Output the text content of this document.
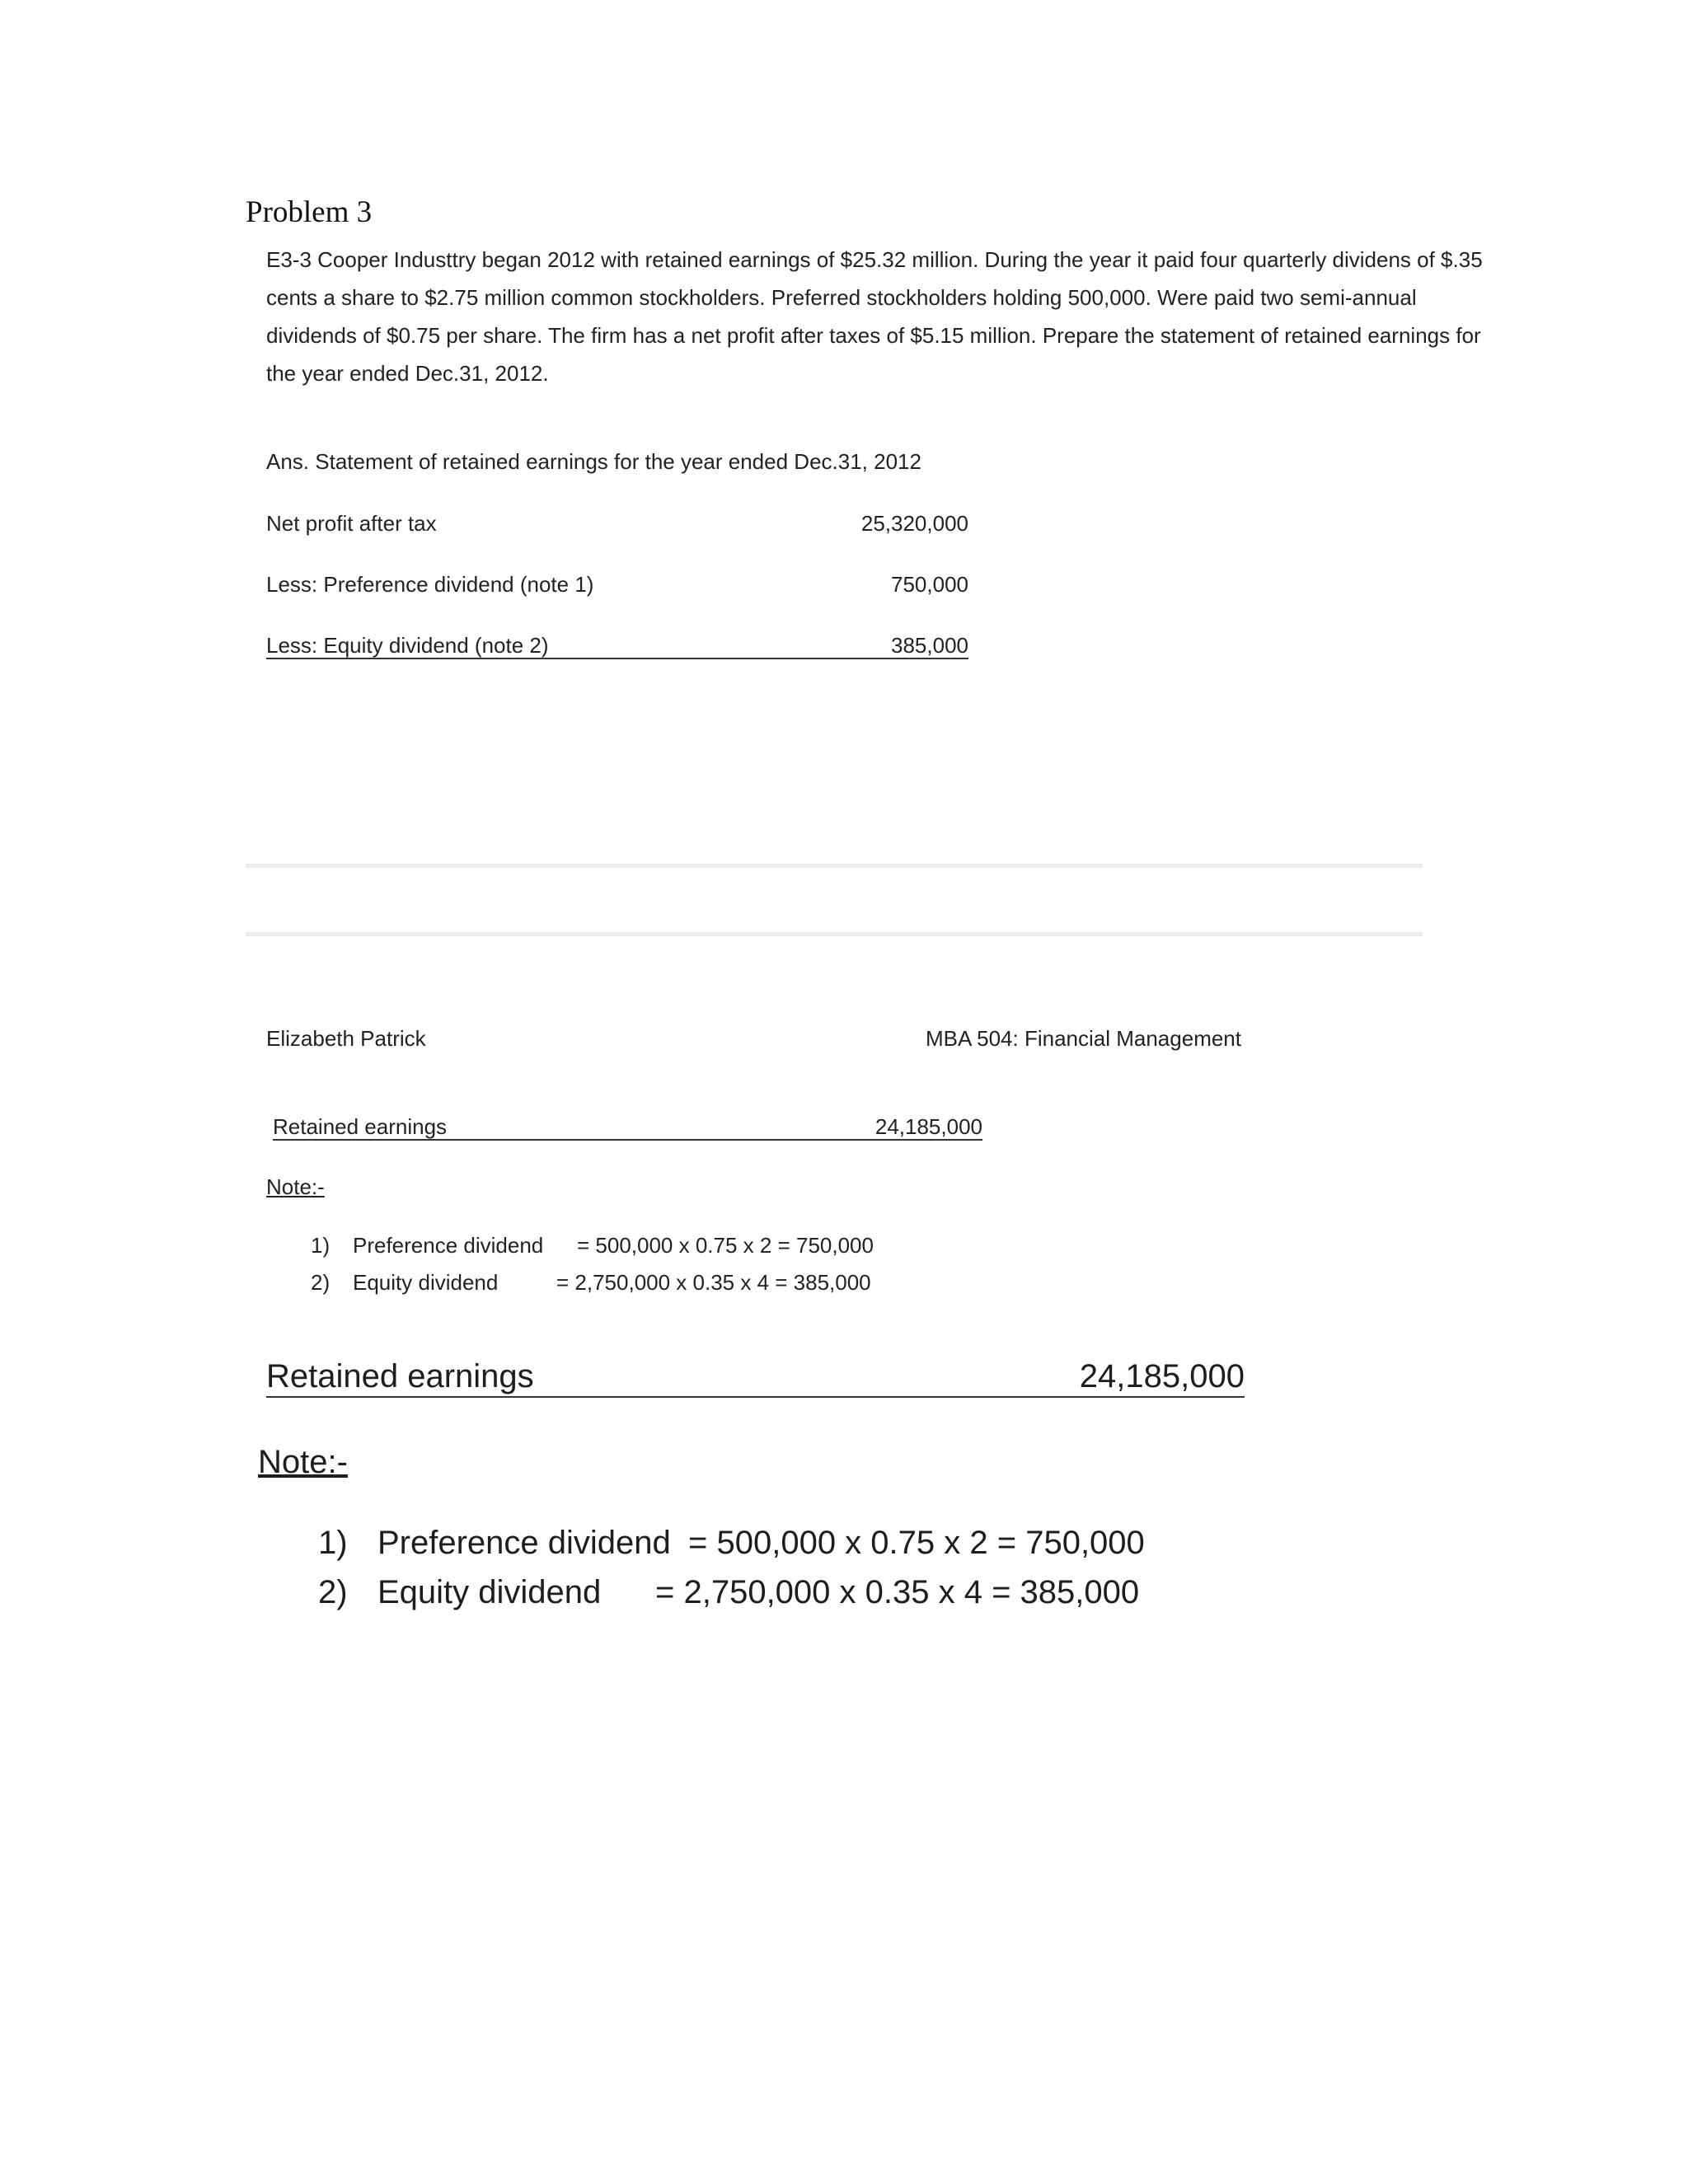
Problem 3
E3-3 Cooper Industtry began 2012 with retained earnings of $25.32 million. During the year it paid four quarterly dividens of $.35 cents a share to $2.75 million common stockholders. Preferred stockholders holding 500,000. Were paid two semi-annual dividends of $0.75 per share. The firm has a net profit after taxes of $5.15 million. Prepare the statement of retained earnings for the year ended Dec.31, 2012.
Ans. Statement of retained earnings for the year ended Dec.31, 2012
Net profit after tax	25,320,000
Less: Preference dividend (note 1)	750,000
Less: Equity dividend (note 2)	385,000
Elizabeth Patrick	MBA 504: Financial Management
Retained earnings	24,185,000
Note:-
1) Preference dividend = 500,000 x 0.75 x 2 = 750,000
2) Equity dividend	= 2,750,000 x 0.35 x 4 = 385,000
Retained earnings	24,185,000
Note:-
1) Preference dividend = 500,000 x 0.75 x 2 = 750,000
2) Equity dividend = 2,750,000 x 0.35 x 4 = 385,000
